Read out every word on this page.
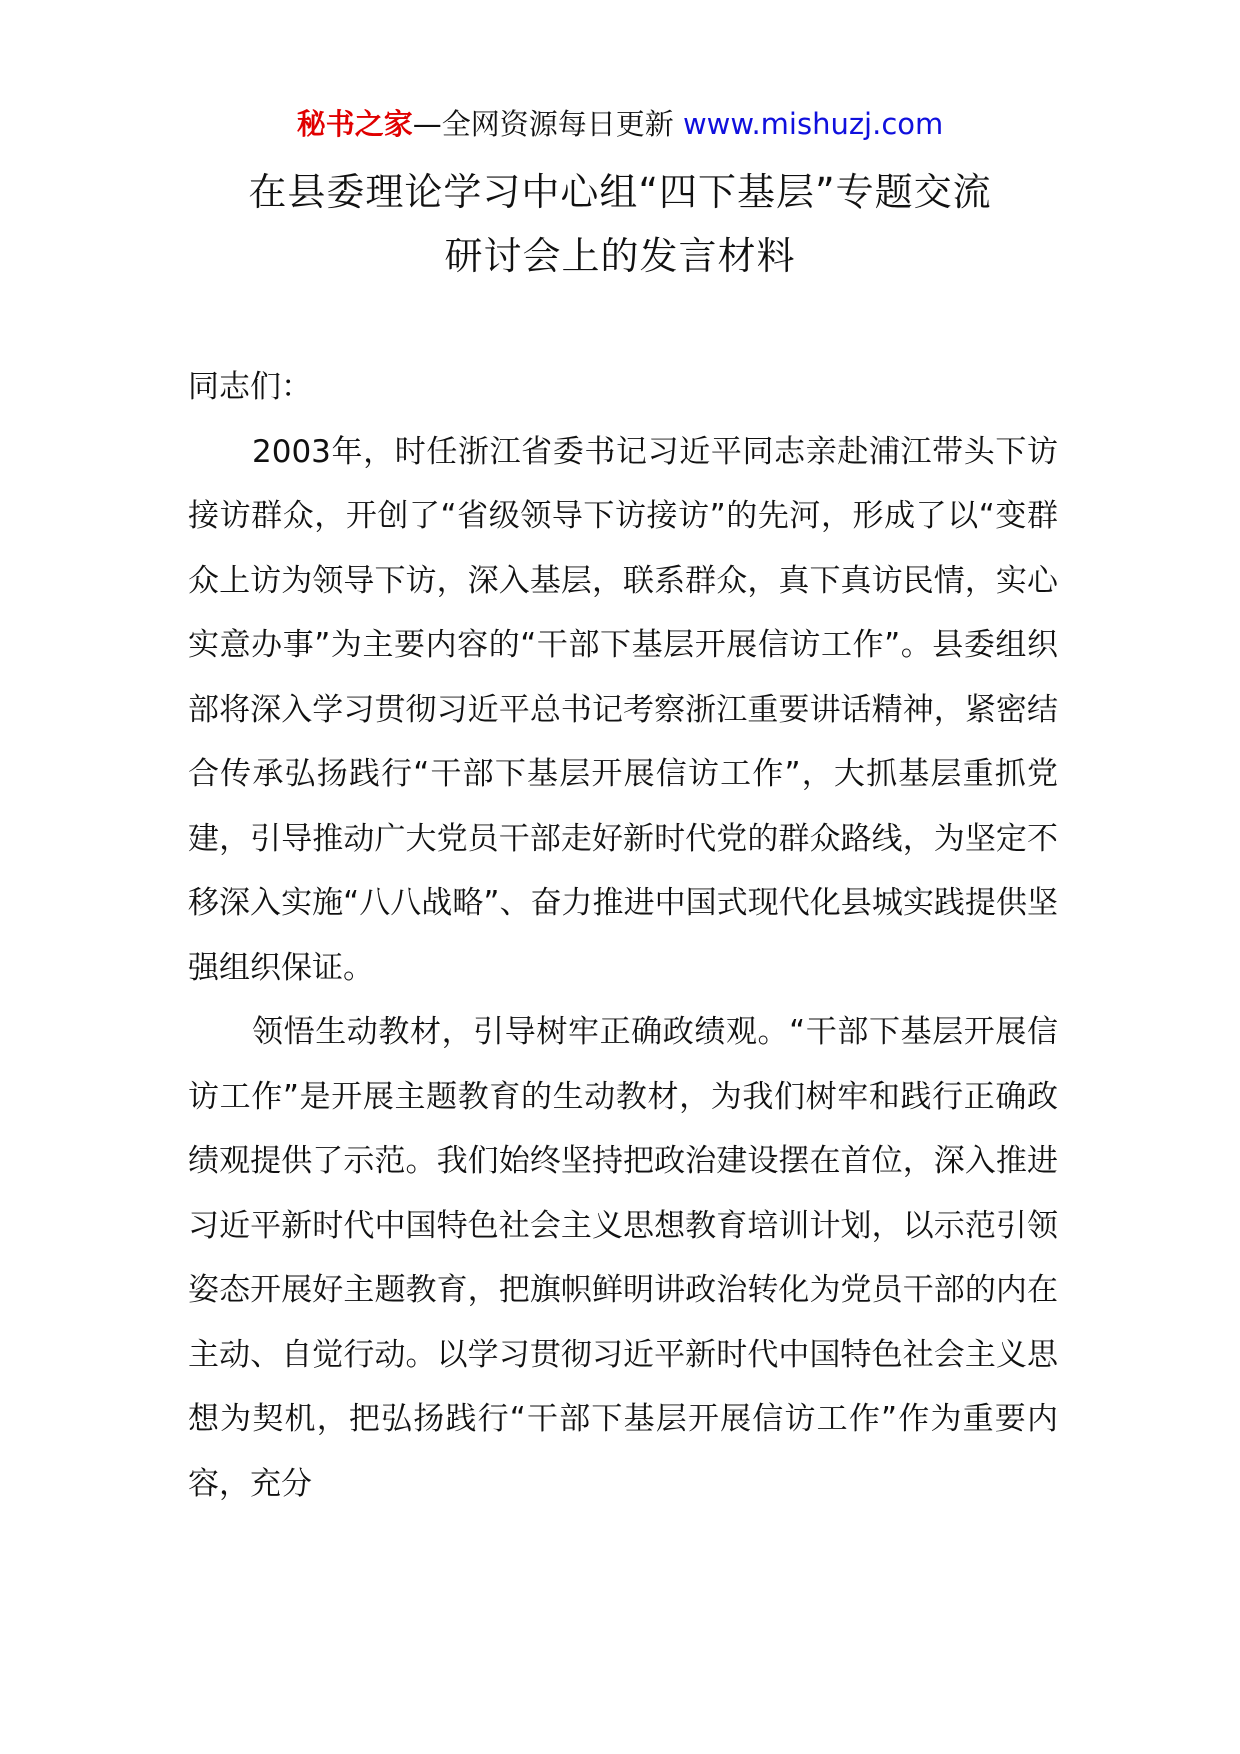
秘书之家—全网资源每日更新 www.mishuzj.com
在县委理论学习中心组“四下基层”专题交流
研讨会上的发言材料

同志们：

2003年，时任浙江省委书记习近平同志亲赴浦江带头下访接访群众，开创了“省级领导下访接访”的先河，形成了以“变群众上访为领导下访，深入基层，联系群众，真下真访民情，实心实意办事”为主要内容的“干部下基层开展信访工作”。县委组织部将深入学习贯彻习近平总书记考察浙江重要讲话精神，紧密结合传承弘扬践行“干部下基层开展信访工作”，大抓基层重抓党建，引导推动广大党员干部走好新时代党的群众路线，为坚定不移深入实施“八八战略”、奋力推进中国式现代化县城实践提供坚强组织保证。

领悟生动教材，引导树牢正确政绩观。“干部下基层开展信访工作”是开展主题教育的生动教材，为我们树牢和践行正确政绩观提供了示范。我们始终坚持把政治建设摆在首位，深入推进习近平新时代中国特色社会主义思想教育培训计划，以示范引领姿态开展好主题教育，把旗帜鲜明讲政治转化为党员干部的内在主动、自觉行动。以学习贯彻习近平新时代中国特色社会主义思想为契机，把弘扬践行“干部下基层开展信访工作”作为重要内容，充分
